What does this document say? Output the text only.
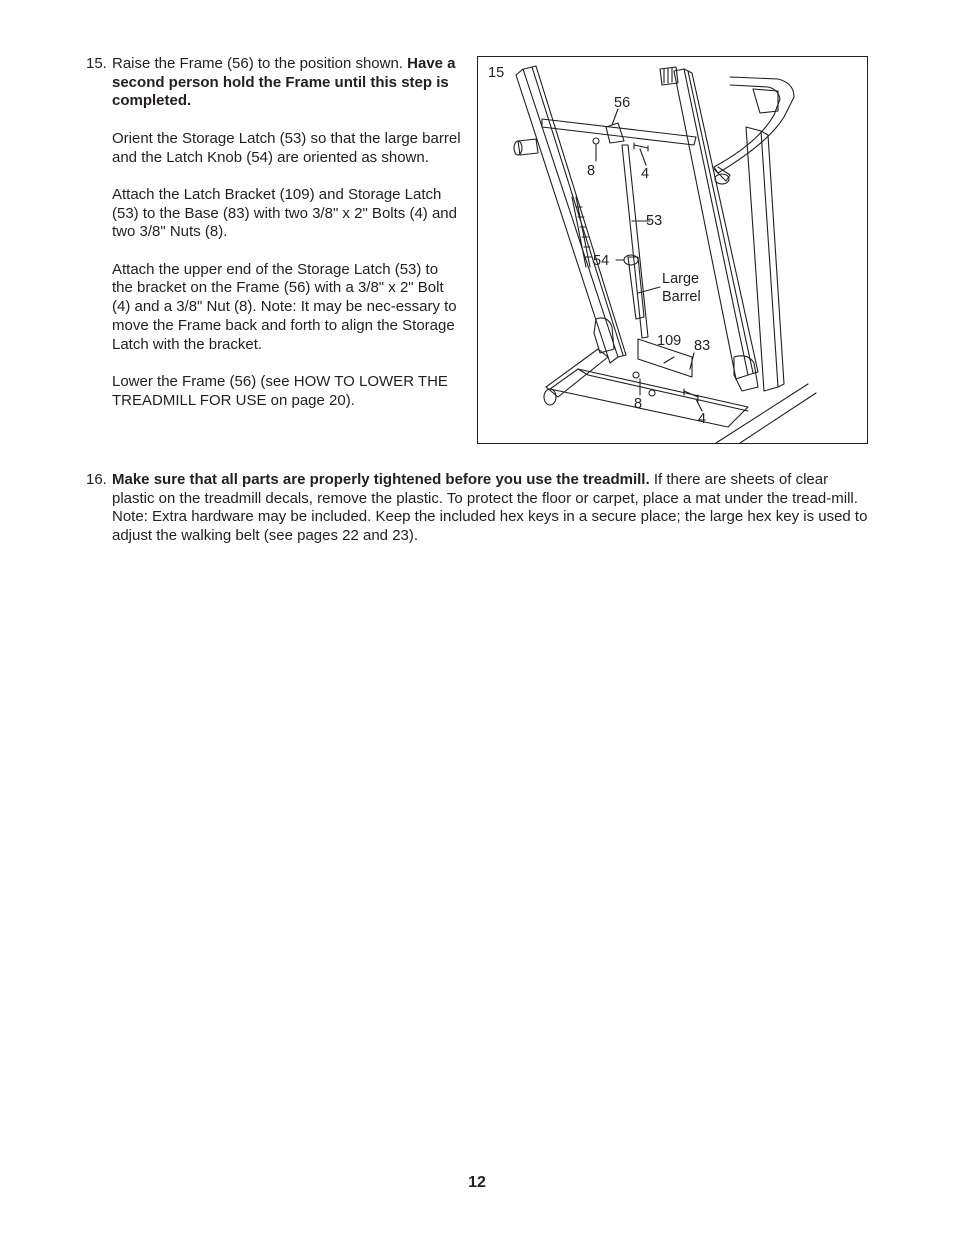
15. Raise the Frame (56) to the position shown. Have a second person hold the Frame until this step is completed.

Orient the Storage Latch (53) so that the large barrel and the Latch Knob (54) are oriented as shown.

Attach the Latch Bracket (109) and Storage Latch (53) to the Base (83) with two 3/8" x 2" Bolts (4) and two 3/8" Nuts (8).

Attach the upper end of the Storage Latch (53) to the bracket on the Frame (56) with a 3/8" x 2" Bolt (4) and a 3/8" Nut (8). Note: It may be nec-essary to move the Frame back and forth to align the Storage Latch with the bracket.

Lower the Frame (56) (see HOW TO LOWER THE TREADMILL FOR USE on page 20).

15
56
8	4
53
54
Large
Barrel
109 83
8
4
16. Make sure that all parts are properly tightened before you use the treadmill. If there are sheets of clear plastic on the treadmill decals, remove the plastic. To protect the floor or carpet, place a mat under the tread-mill. Note: Extra hardware may be included. Keep the included hex keys in a secure place; the large hex key is used to adjust the walking belt (see pages 22 and 23).

12
